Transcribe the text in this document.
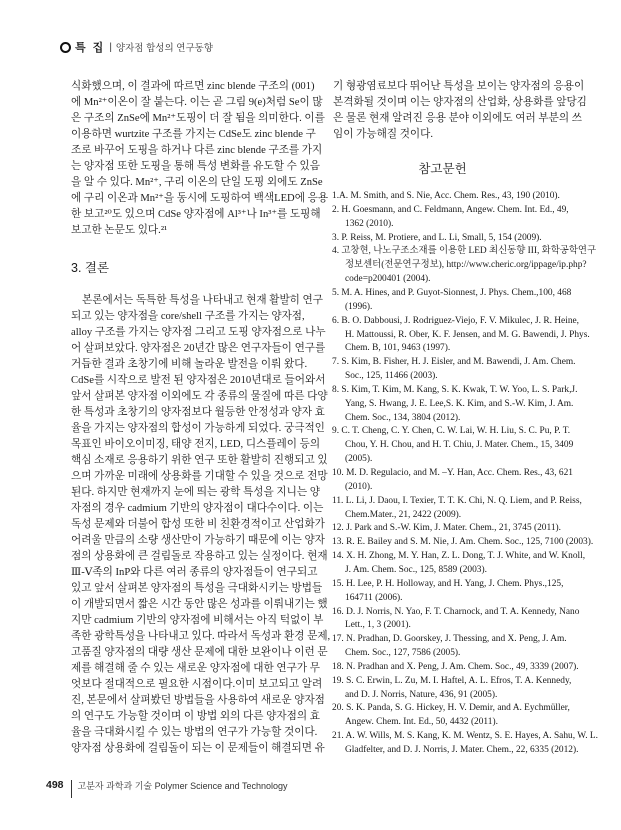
특 집 | 양자점 합성의 연구동향
식화했으며, 이 결과에 따르면 zinc blende 구조의 (001)
에 Mn²⁺이온이 잘 붙는다. 이는 곧 그림 9(e)처럼 Se이 많
은 구조의 ZnSe에 Mn²⁺도핑이 더 잘 됨을 의미한다. 이를
이용하면 wurtzite 구조를 가지는 CdSe도 zinc blende 구
조로 바꾸어 도핑을 하거나 다른 zinc blende 구조를 가지
는 양자점 또한 도핑을 통해 특성 변화를 유도할 수 있음
을 알 수 있다. Mn²⁺, 구리 이온의 단일 도핑 외에도 ZnSe
에 구리 이온과 Mn²⁺을 동시에 도핑하여 백색LED에 응용
한 보고²⁰도 있으며 CdSe 양자점에 Al³⁺나 In³⁺를 도핑해
보고한 논문도 있다.²¹
본론에서는 독특한 특성을 나타내고 현재 활발히 연구
되고 있는 양자점을 core/shell 구조를 가지는 양자점,
alloy 구조를 가지는 양자점 그리고 도핑 양자점으로 나누
어 살펴보았다. 양자점은 20년간 많은 연구자들이 연구를
거듭한 결과 초창기에 비해 놀라운 발전을 이뤄 왔다.
CdSe를 시작으로 발전 된 양자점은 2010년대로 들어와서
앞서 살펴본 양자점 이외에도 각 종류의 물질에 따른 다양
한 특성과 초창기의 양자점보다 월등한 안정성과 양자 효
율을 가지는 양자점의 합성이 가능하게 되었다. 궁극적인
목표인 바이오이미징, 태양 전지, LED, 디스플레이 등의
핵심 소재로 응용하기 위한 연구 또한 활발히 진행되고 있
으며 가까운 미래에 상용화를 기대할 수 있을 것으로 전망
된다. 하지만 현재까지 눈에 띄는 광학 특성을 지니는 양
자점의 경우 cadmium 기반의 양자점이 대다수이다. 이는
독성 문제와 더불어 합성 또한 비 친환경적이고 산업화가
어려울 만큼의 소량 생산만이 가능하기 때문에 이는 양자
점의 상용화에 큰 걸림돌로 작용하고 있는 실정이다. 현재
Ⅲ-Ⅴ족의 InP와 다른 여러 종류의 양자점들이 연구되고
있고 앞서 살펴본 양자점의 특성을 극대화시키는 방법들
이 개발되면서 짧은 시간 동안 많은 성과를 이뤄내기는 했
지만 cadmium 기반의 양자점에 비해서는 아직 턱없이 부
족한 광학특성을 나타내고 있다. 따라서 독성과 환경 문제,
고품질 양자점의 대량 생산 문제에 대한 보완이나 이런 문
제를 해결해 줄 수 있는 새로운 양자점에 대한 연구가 무
엇보다 절대적으로 필요한 시점이다.이미 보고되고 알려
진, 본문에서 살펴봤던 방법들을 사용하여 새로운 양자점
의 연구도 가능할 것이며 이 방법 외의 다른 양자점의 효
율을 극대화시킬 수 있는 방법의 연구가 가능할 것이다.
양자점 상용화에 걸림돌이 되는 이 문제들이 해결되면 유
3. 결론
기 형광염료보다 뛰어난 특성을 보이는 양자점의 응용이
본격화될 것이며 이는 양자점의 산업화, 상용화를 앞당김
은 물론 현재 알려진 응용 분야 이외에도 여러 부분의 쓰
임이 가능해질 것이다.
참고문헌
1.A. M. Smith, and S. Nie, Acc. Chem. Res., 43, 190 (2010).
2. H. Goesmann, and C. Feldmann, Angew. Chem. Int. Ed., 49,
1362 (2010).
3. P. Reiss, M. Protiere, and L. Li, Small, 5, 154 (2009).
4. 고창현, 나노구조소재를 이용한 LED 최신동향 III, 화학공학연구
정보센터(전문연구정보), http://www.cheric.org/ippage/ip.php?
code=p200401 (2004).
5. M. A. Hines, and P. Guyot-Sionnest, J. Phys. Chem.,100, 468
(1996).
6. B. O. Dabbousi, J. Rodriguez-Viejo, F. V. Mikulec, J. R. Heine,
H. Mattoussi, R. Ober, K. F. Jensen, and M. G. Bawendi, J. Phys.
Chem. B, 101, 9463 (1997).
7. S. Kim, B. Fisher, H. J. Eisler, and M. Bawendi, J. Am. Chem.
Soc., 125, 11466 (2003).
8. S. Kim, T. Kim, M. Kang, S. K. Kwak, T. W. Yoo, L. S. Park,J.
Yang, S. Hwang, J. E. Lee,S. K. Kim, and S.-W. Kim, J. Am.
Chem. Soc., 134, 3804 (2012).
9. C. T. Cheng, C. Y. Chen, C. W. Lai, W. H. Liu, S. C. Pu, P. T.
Chou, Y. H. Chou, and H. T. Chiu, J. Mater. Chem., 15, 3409
(2005).
10. M. D. Regulacio, and M. –Y. Han, Acc. Chem. Res., 43, 621
(2010).
11. L. Li, J. Daou, I. Texier, T. T. K. Chi, N. Q. Liem, and P. Reiss,
Chem.Mater., 21, 2422 (2009).
12. J. Park and S.-W. Kim, J. Mater. Chem., 21, 3745 (2011).
13. R. E. Bailey and S. M. Nie, J. Am. Chem. Soc., 125, 7100 (2003).
14. X. H. Zhong, M. Y. Han, Z. L. Dong, T. J. White, and W. Knoll,
J. Am. Chem. Soc., 125, 8589 (2003).
15. H. Lee, P. H. Holloway, and H. Yang, J. Chem. Phys.,125,
164711 (2006).
16. D. J. Norris, N. Yao, F. T. Charnock, and T. A. Kennedy, Nano
Lett., 1, 3 (2001).
17. N. Pradhan, D. Goorskey, J. Thessing, and X. Peng, J. Am.
Chem. Soc., 127, 7586 (2005).
18. N. Pradhan and X. Peng, J. Am. Chem. Soc., 49, 3339 (2007).
19. S. C. Erwin, L. Zu, M. I. Haftel, A. L. Efros, T. A. Kennedy,
and D. J. Norris, Nature, 436, 91 (2005).
20. S. K. Panda, S. G. Hickey, H. V. Demir, and A. Eychmüller,
Angew. Chem. Int. Ed., 50, 4432 (2011).
21. A. W. Wills, M. S. Kang, K. M. Wentz, S. E. Hayes, A. Sahu, W. L.
Gladfelter, and D. J. Norris, J. Mater. Chem., 22, 6335 (2012).
498 고분자 과학과 기술 Polymer Science and Technology
